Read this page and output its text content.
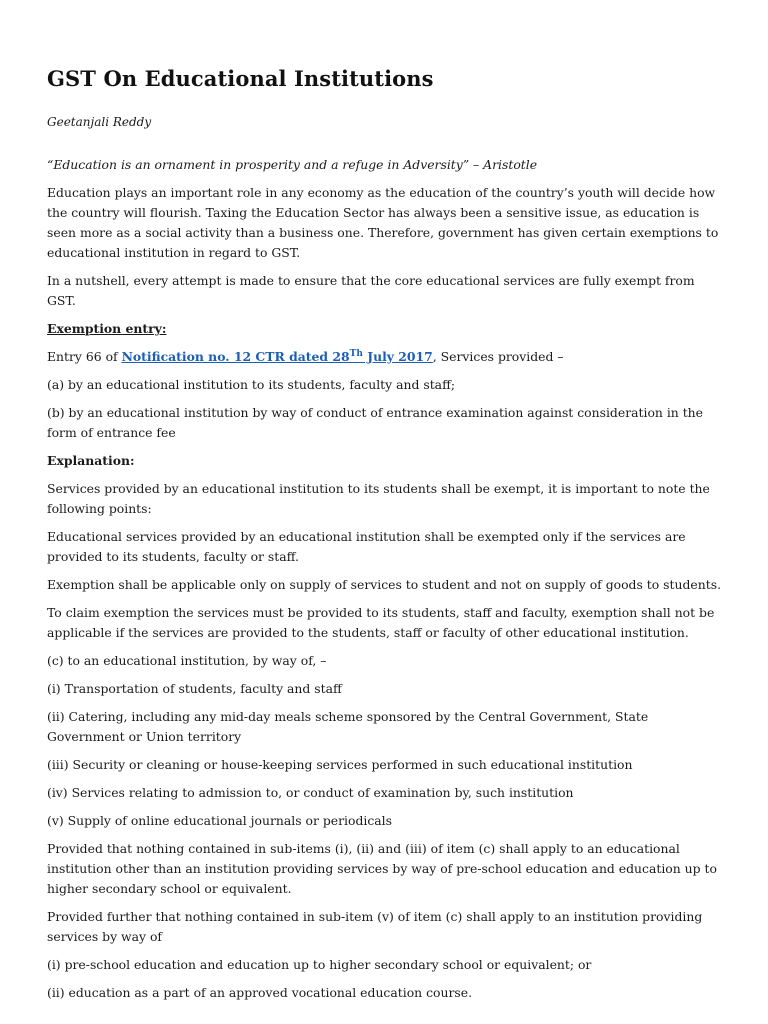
GST On Educational Institutions

Geetanjali Reddy

“Education is an ornament in prosperity and a refuge in Adversity” – Aristotle

Education plays an important role in any economy as the education of the country’s youth will decide how the country will flourish. Taxing the Education Sector has always been a sensitive issue, as education is seen more as a social activity than a business one. Therefore, government has given certain exemptions to educational institution in regard to GST.

In a nutshell, every attempt is made to ensure that the core educational services are fully exempt from GST.

Exemption entry:

Entry 66 of Notification no. 12 CTR dated 28Th July 2017, Services provided –

(a) by an educational institution to its students, faculty and staff;

(b) by an educational institution by way of conduct of entrance examination against consideration in the form of entrance fee

Explanation:

Services provided by an educational institution to its students shall be exempt, it is important to note the following points:

Educational services provided by an educational institution shall be exempted only if the services are provided to its students, faculty or staff.

Exemption shall be applicable only on supply of services to student and not on supply of goods to students.

To claim exemption the services must be provided to its students, staff and faculty, exemption shall not be applicable if the services are provided to the students, staff or faculty of other educational institution.

(c) to an educational institution, by way of, –

(i) Transportation of students, faculty and staff

(ii) Catering, including any mid-day meals scheme sponsored by the Central Government, State Government or Union territory

(iii) Security or cleaning or house-keeping services performed in such educational institution

(iv) Services relating to admission to, or conduct of examination by, such institution

(v) Supply of online educational journals or periodicals

Provided that nothing contained in sub-items (i), (ii) and (iii) of item (c) shall apply to an educational institution other than an institution providing services by way of pre-school education and education up to higher secondary school or equivalent.

Provided further that nothing contained in sub-item (v) of item (c) shall apply to an institution providing services by way of

(i) pre-school education and education up to higher secondary school or equivalent; or

(ii) education as a part of an approved vocational education course.
